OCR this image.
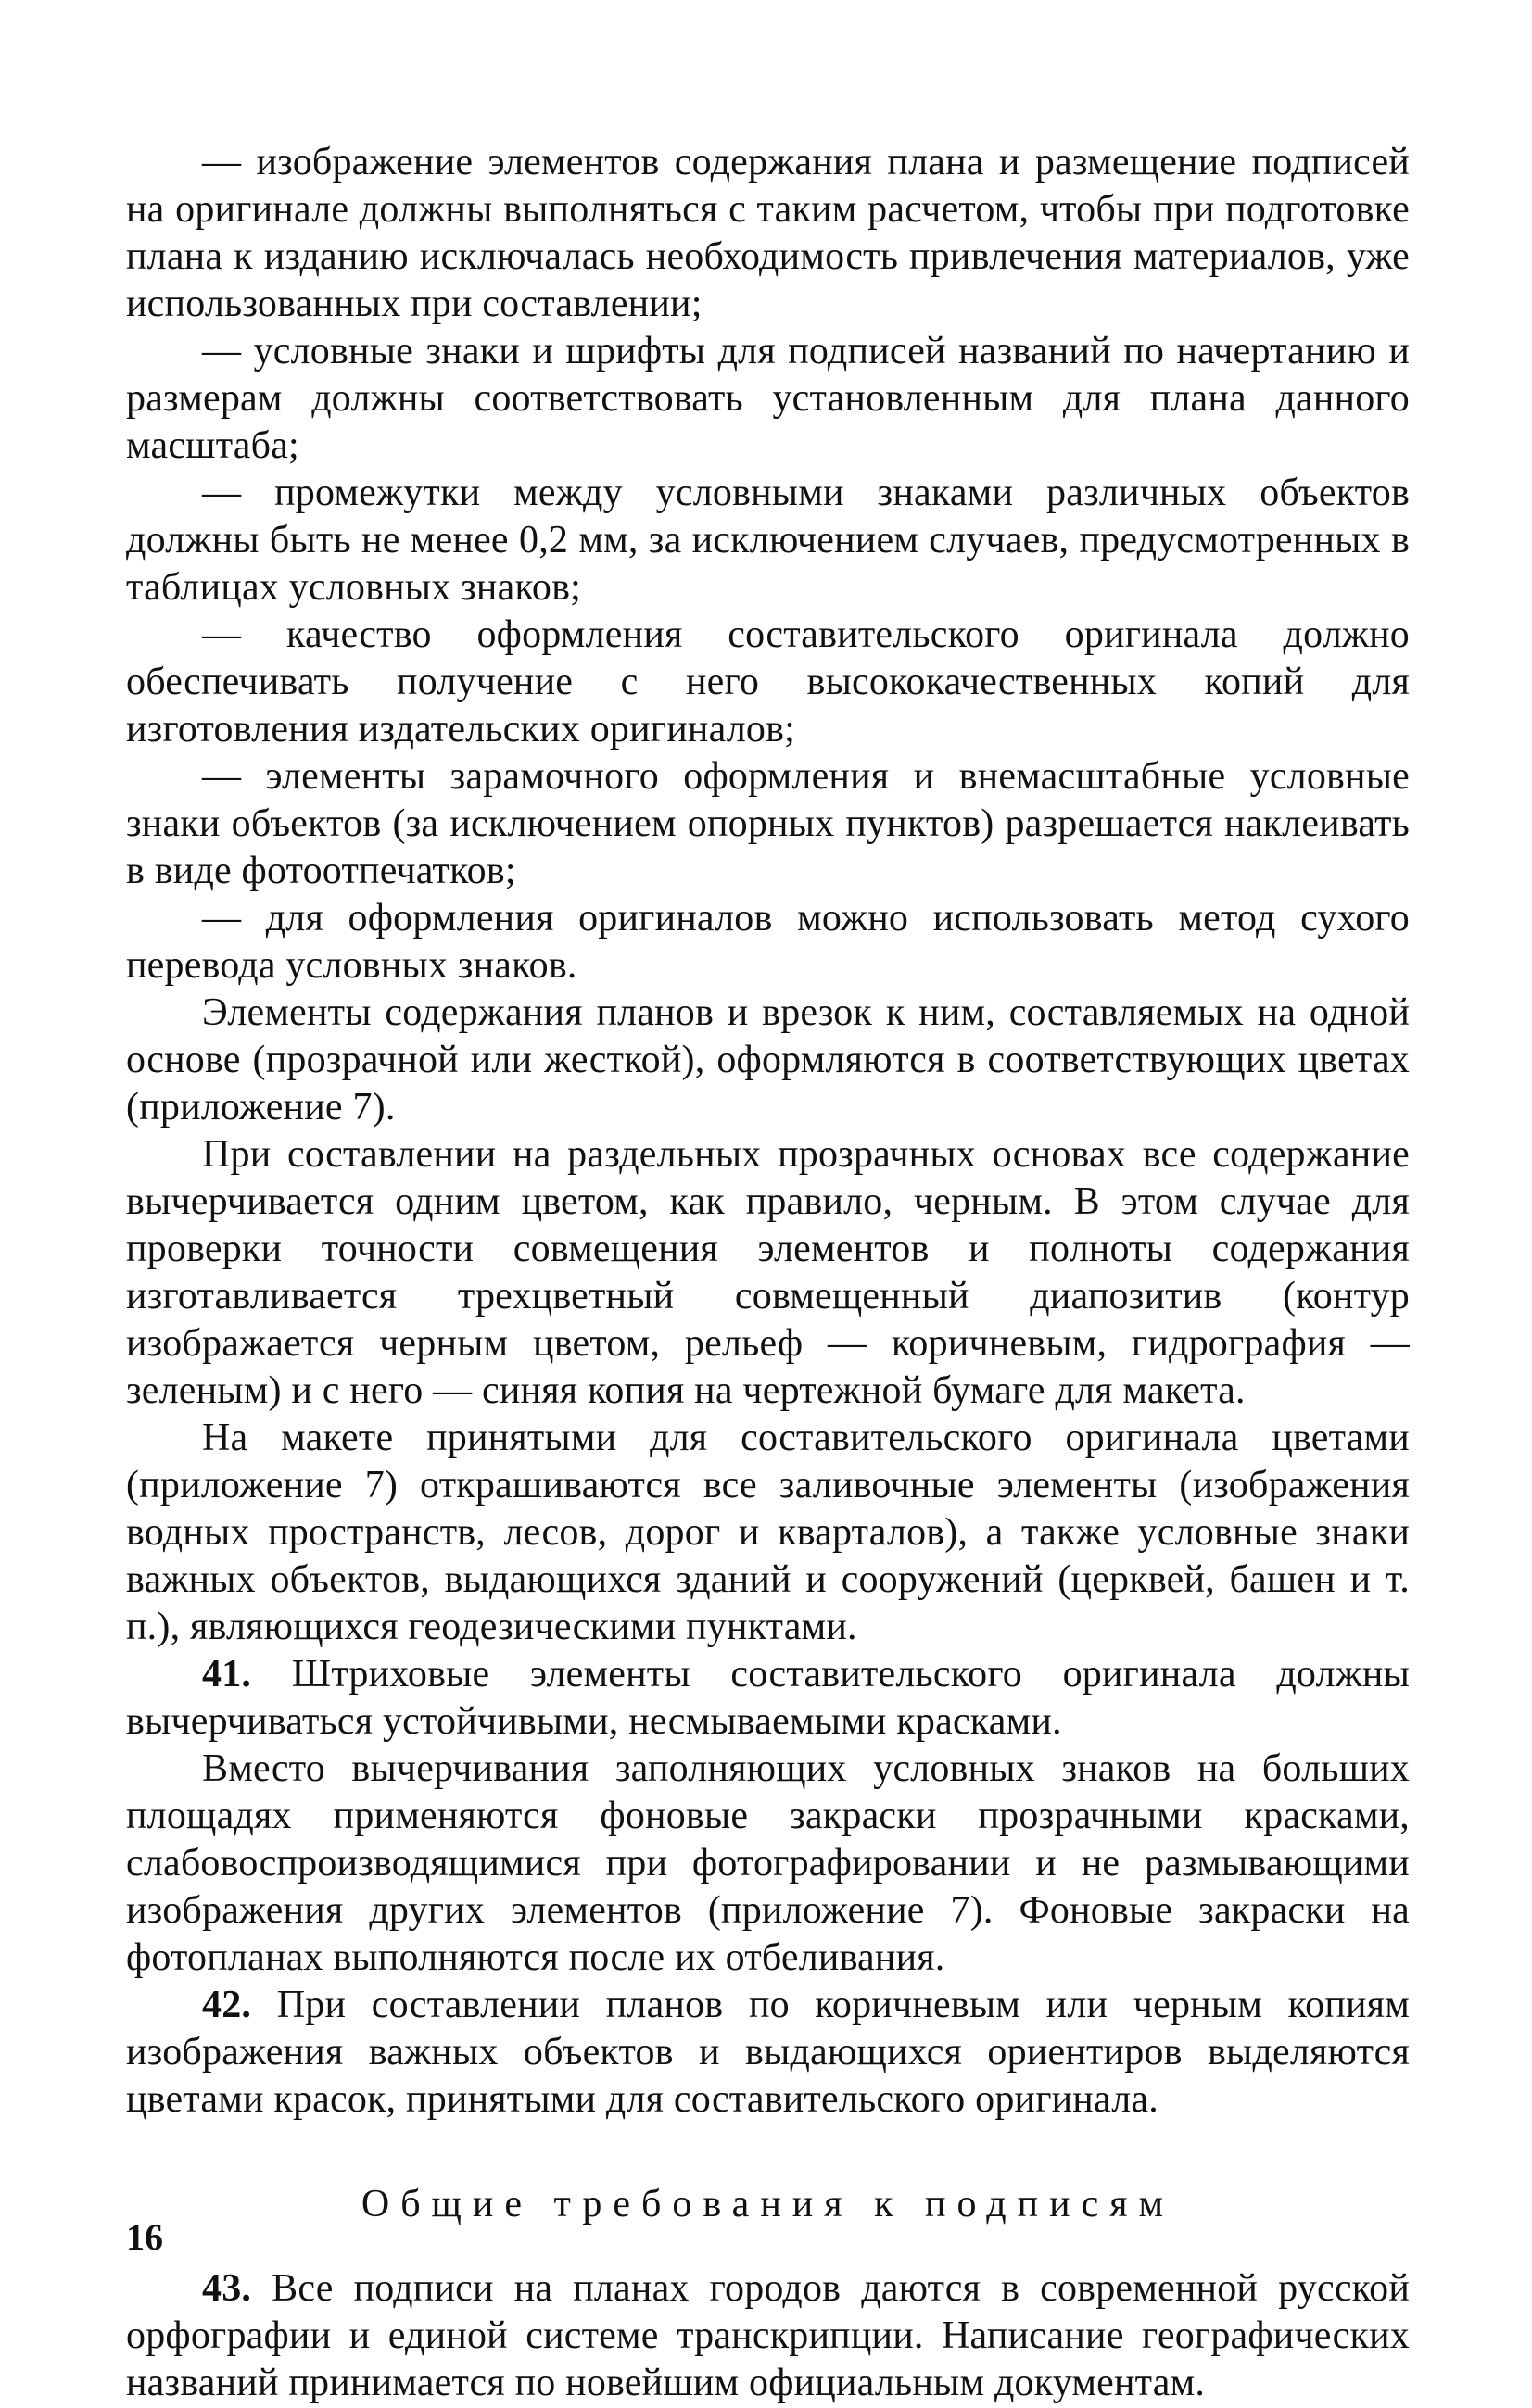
— изображение элементов содержания плана и размещение подписей на оригинале должны выполняться с таким расчетом, чтобы при подготовке плана к изданию исключалась необходимость привлечения материалов, уже использованных при составлении;

— условные знаки и шрифты для подписей названий по начертанию и размерам должны соответствовать установленным для плана данного масштаба;

— промежутки между условными знаками различных объектов должны быть не менее 0,2 мм, за исключением случаев, предусмотренных в таблицах условных знаков;

— качество оформления составительского оригинала должно обеспечивать получение с него высококачественных копий для изготовления издательских оригиналов;

— элементы зарамочного оформления и внемасштабные условные знаки объектов (за исключением опорных пунктов) разрешается наклеивать в виде фотоотпечатков;

— для оформления оригиналов можно использовать метод сухого перевода условных знаков.

Элементы содержания планов и врезок к ним, составляемых на одной основе (прозрачной или жесткой), оформляются в соответствующих цветах (приложение 7).

При составлении на раздельных прозрачных основах все содержание вычерчивается одним цветом, как правило, черным. В этом случае для проверки точности совмещения элементов и полноты содержания изготавливается трехцветный совмещенный диапозитив (контур изображается черным цветом, рельеф — коричневым, гидрография — зеленым) и с него — синяя копия на чертежной бумаге для макета.

На макете принятыми для составительского оригинала цветами (приложение 7) открашиваются все заливочные элементы (изображения водных пространств, лесов, дорог и кварталов), а также условные знаки важных объектов, выдающихся зданий и сооружений (церквей, башен и т. п.), являющихся геодезическими пунктами.

41. Штриховые элементы составительского оригинала должны вычерчиваться устойчивыми, несмываемыми красками.

Вместо вычерчивания заполняющих условных знаков на больших площадях применяются фоновые закраски прозрачными красками, слабовоспроизводящимися при фотографировании и не размывающими изображения других элементов (приложение 7). Фоновые закраски на фотопланах выполняются после их отбеливания.

42. При составлении планов по коричневым или черным копиям изображения важных объектов и выдающихся ориентиров выделяются цветами красок, принятыми для составительского оригинала.

Общие требования к подписям

43. Все подписи на планах городов даются в современной русской орфографии и единой системе транскрипции. Написание географических названий принимается по новейшим официальным документам.

16
